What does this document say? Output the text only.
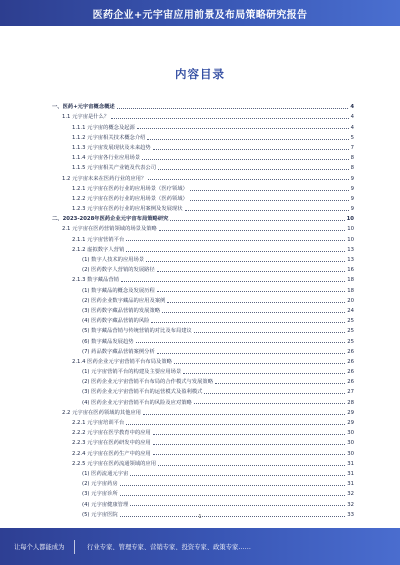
医药企业+元宇宙应用前景及布局策略研究报告
内容目录
一、医药+元宇宙概念概述	4
1.1 元宇宙是什么？	4
1.1.1 元宇宙的概念及起源	4
1.1.2 元宇宙相关技术概念介绍	5
1.1.3 元宇宙发展现状及未来趋势	7
1.1.4 元宇宙各行业应用场景	8
1.1.5 元宇宙相关产业链及代表公司	8
1.2 元宇宙未来在医药行业的应用？	9
1.2.1 元宇宙在医药行业的应用场景（医疗领域）	9
1.2.2 元宇宙在医药行业的应用场景（医药领域）	9
1.2.3 元宇宙在医药行业的应用案例及发展现状	9
二、2023-2028年医药企业元宇宙布局策略研究	10
2.1 元宇宙在医药营销领域的场景及策略	10
2.1.1 元宇宙营销平台	10
2.1.2 虚拟数字人营销	13
(1) 数字人技术的应用场景	13
(2) 医药数字人营销的发展路径	16
2.1.3 数字藏品营销	18
(1) 数字藏品的概念及发展历程	18
(2) 医药企业数字藏品的应用及案例	20
(3) 医药数字藏品营销的发展策略	24
(4) 医药数字藏品营销的风险	25
(5) 数字藏品营销与传统营销的对比及布局建议	25
(6) 数字藏品发展趋势	25
(7) 药品数字藏品营销案例分析	26
2.1.4 医药企业元宇宙营销平台布局及策略	26
(1) 元宇宙营销平台的构建及主要应用场景	26
(2) 医药企业元宇宙营销平台布局的合作模式与发展策略	26
(3) 医药企业元宇宙营销平台的运营模式及盈利模式	27
(4) 医药企业元宇宙营销平台的风险及应对策略	28
2.2 元宇宙在医药领域的其他应用	29
2.2.1 元宇宙培训平台	29
2.2.2 元宇宙在医学教育中的应用	30
2.2.3 元宇宙在医药研发中的应用	30
2.2.4 元宇宙在医药生产中的应用	30
2.2.5 元宇宙在医药流通领域的应用	31
(1) 医药流通元宇宙	31
(2) 元宇宙药房	31
(3) 元宇宙诊所	32
(4) 元宇宙健康管理	32
(5) 元宇宙医院	33
1
让每个人都能成为	行业专家、管理专家、营销专家、投资专家、政策专家……
